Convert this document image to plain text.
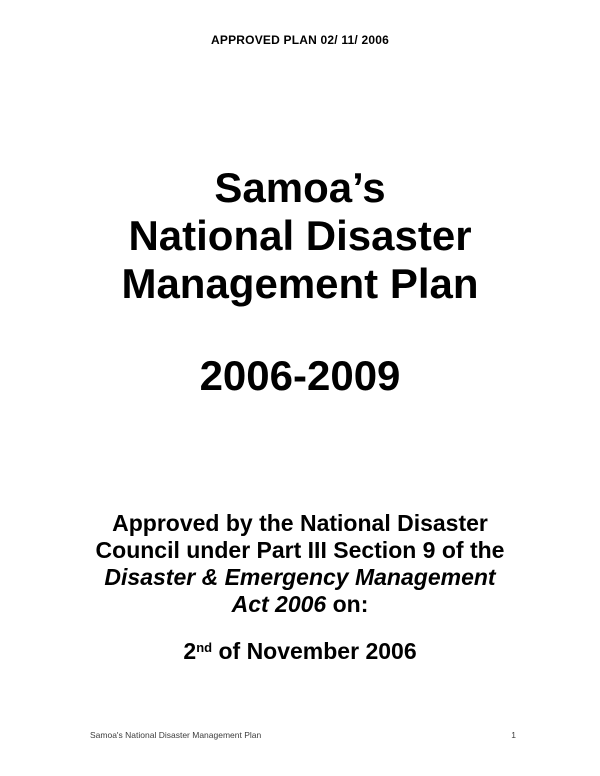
APPROVED PLAN 02/ 11/ 2006
Samoa’s
National Disaster
Management Plan
2006-2009
Approved by the National Disaster
Council under Part III Section 9 of the
Disaster & Emergency Management
Act 2006 on:
2nd of November 2006
Samoa's National Disaster Management Plan	1
